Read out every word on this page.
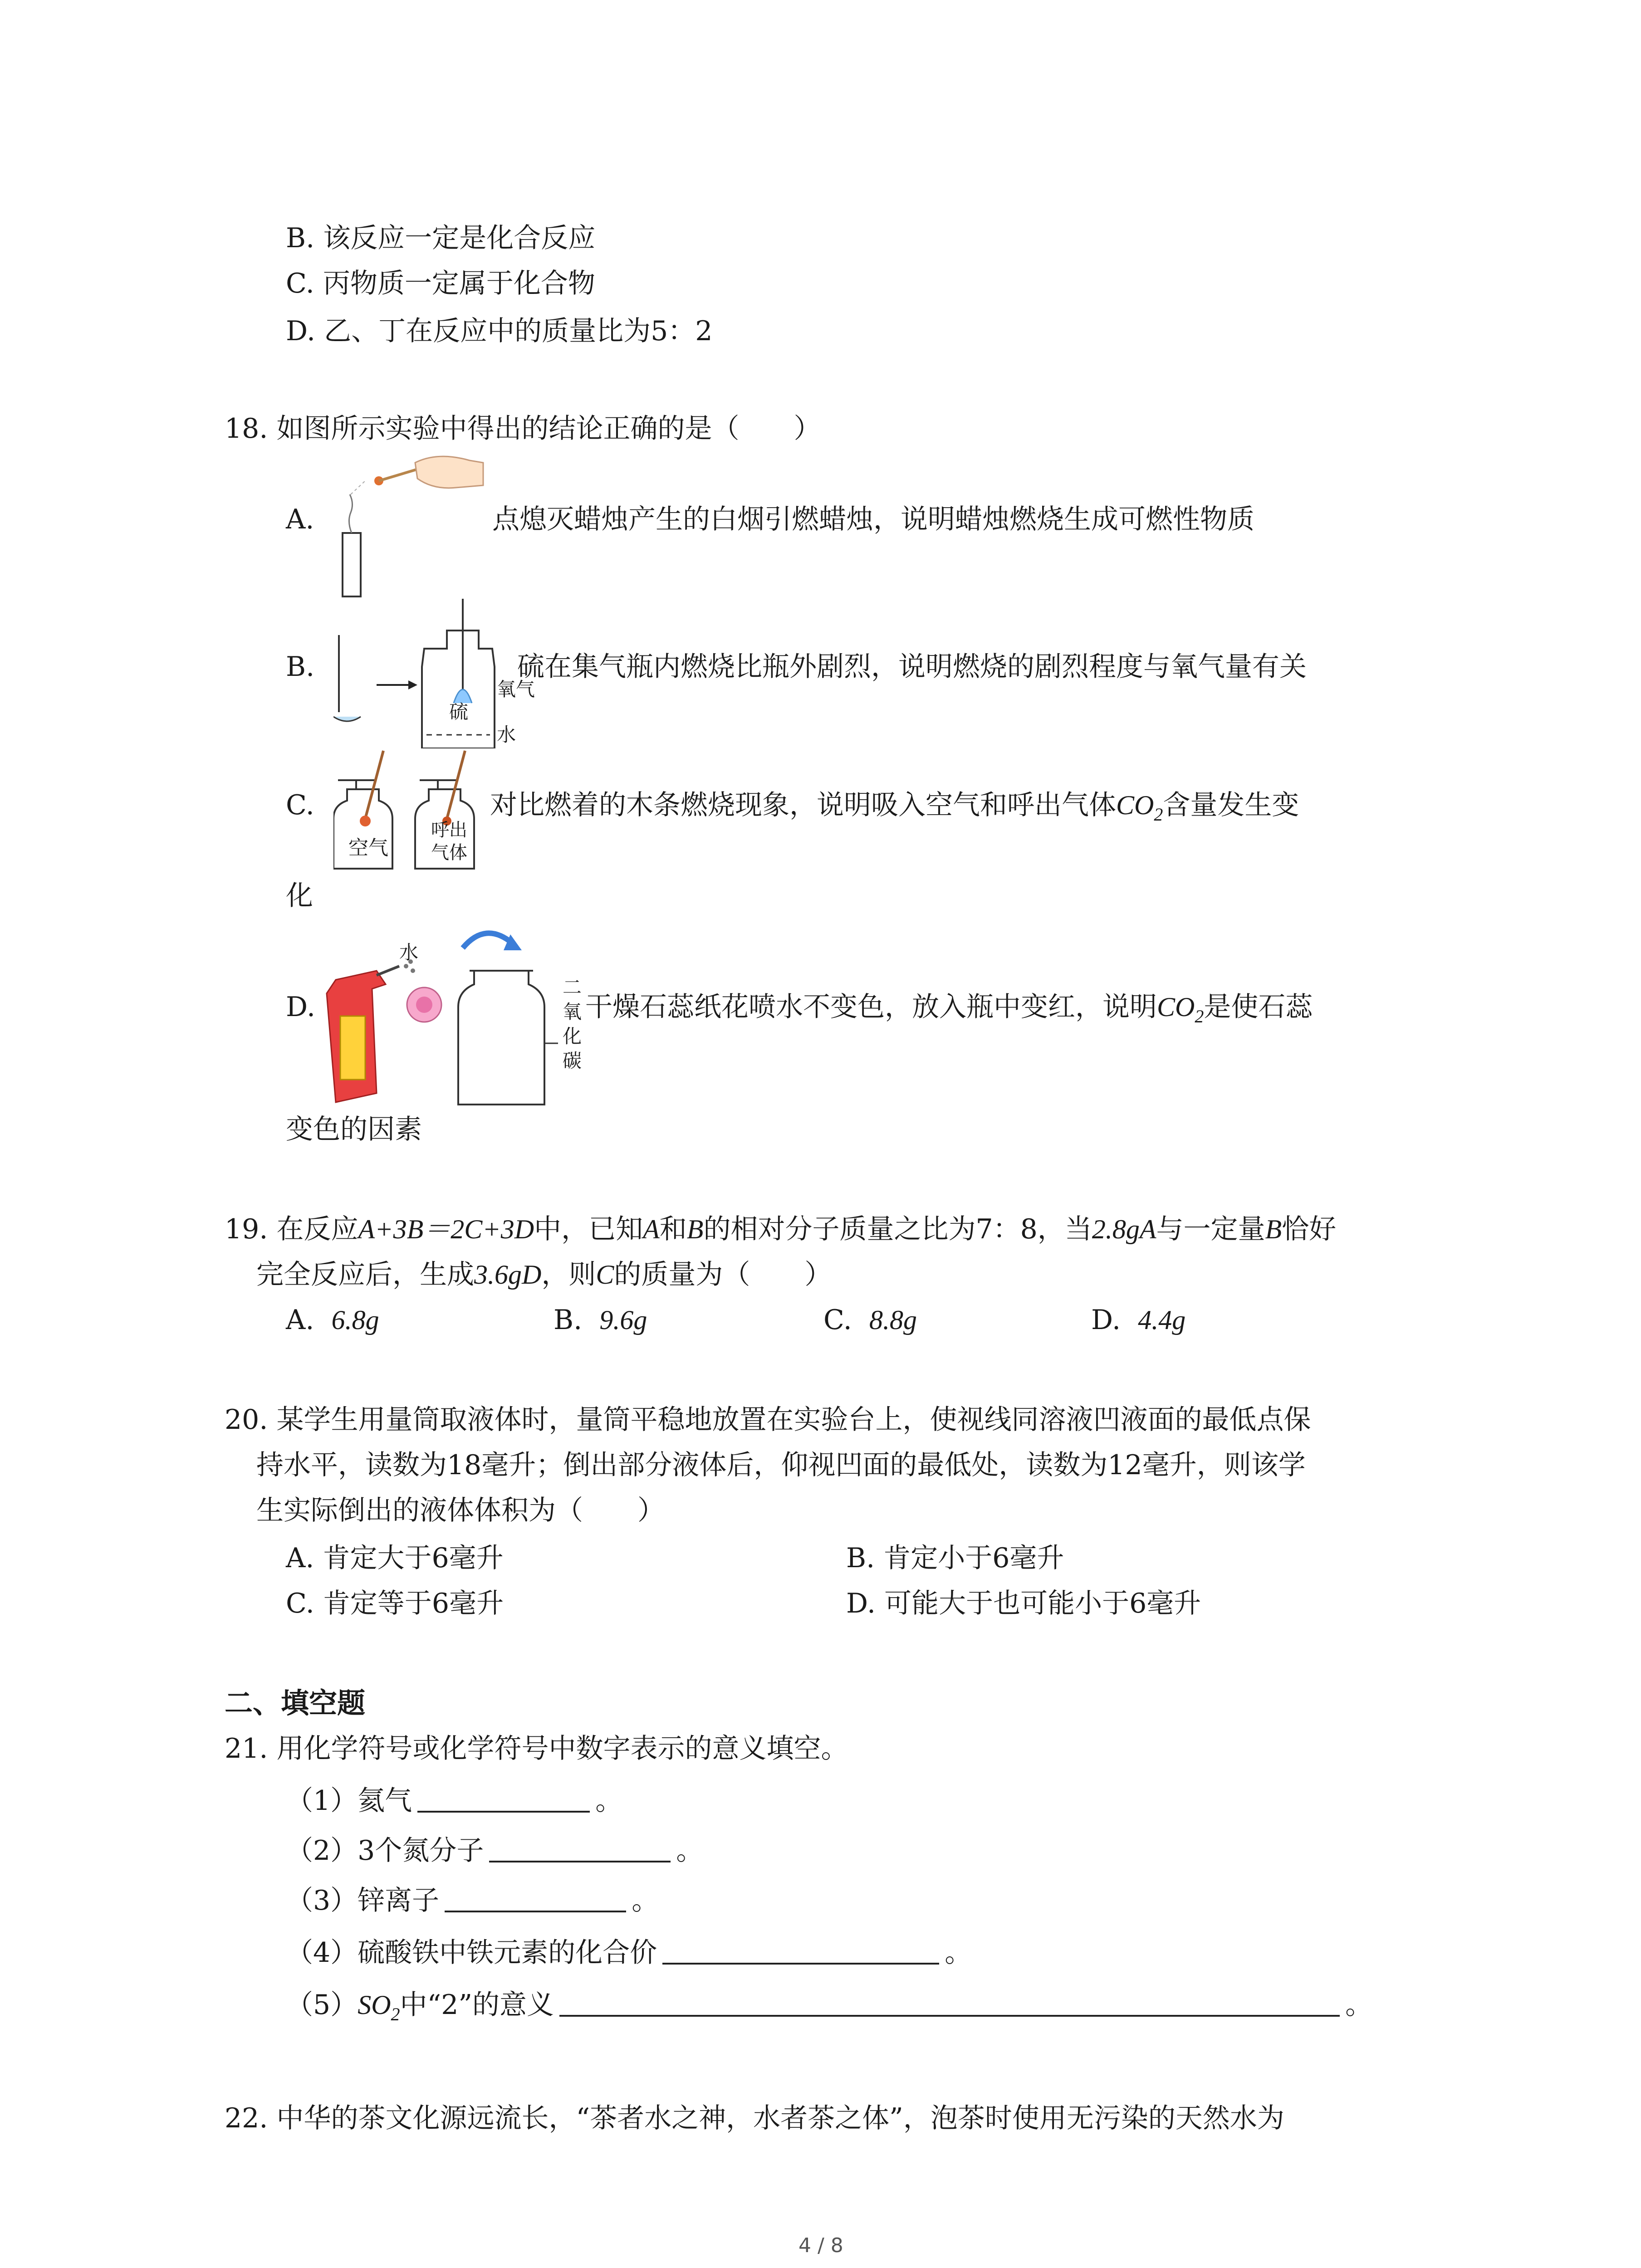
B. 该反应一定是化合反应
C. 丙物质一定属于化合物
D. 乙、丁在反应中的质量比为5：2
18. 如图所示实验中得出的结论正确的是（　　）
A.	点熄灭蜡烛产生的白烟引燃蜡烛，说明蜡烛燃烧生成可燃性物质
B.
硫
氧气
水
硫在集气瓶内燃烧比瓶外剧烈，说明燃烧的剧烈程度与氧气量有关
C.
空气
呼出
气体
对比燃着的木条燃烧现象，说明吸入空气和呼出气体$CO_2$含量发生变
化
D.
水
二
氧
化
碳
干燥石蕊纸花喷水不变色，放入瓶中变红，说明$CO_2$是使石蕊
变色的因素
19. 在反应A+3B＝2C+3D中，已知A和B的相对分子质量之比为7：8，当2.8gA与一定量B恰好
完全反应后，生成3.6gD，则C的质量为（　　）
A. 6.8g	B. 9.6g	C. 8.8g	D. 4.4g
20. 某学生用量筒取液体时，量筒平稳地放置在实验台上，使视线同溶液凹液面的最低点保
持水平，读数为18毫升；倒出部分液体后，仰视凹面的最低处，读数为12毫升，则该学
生实际倒出的液体体积为（　　）
A. 肯定大于6毫升	B. 肯定小于6毫升
C. 肯定等于6毫升	D. 可能大于也可能小于6毫升
二、填空题
21. 用化学符号或化学符号中数字表示的意义填空。
（1）氦气	。
（2）3个氮分子	。
（3）锌离子	。
（4）硫酸铁中铁元素的化合价	。
$(5)SO_2$中“2”的意义	。
22. 中华的茶文化源远流长，“茶者水之神，水者茶之体”，泡茶时使用无污染的天然水为
4 / 8
